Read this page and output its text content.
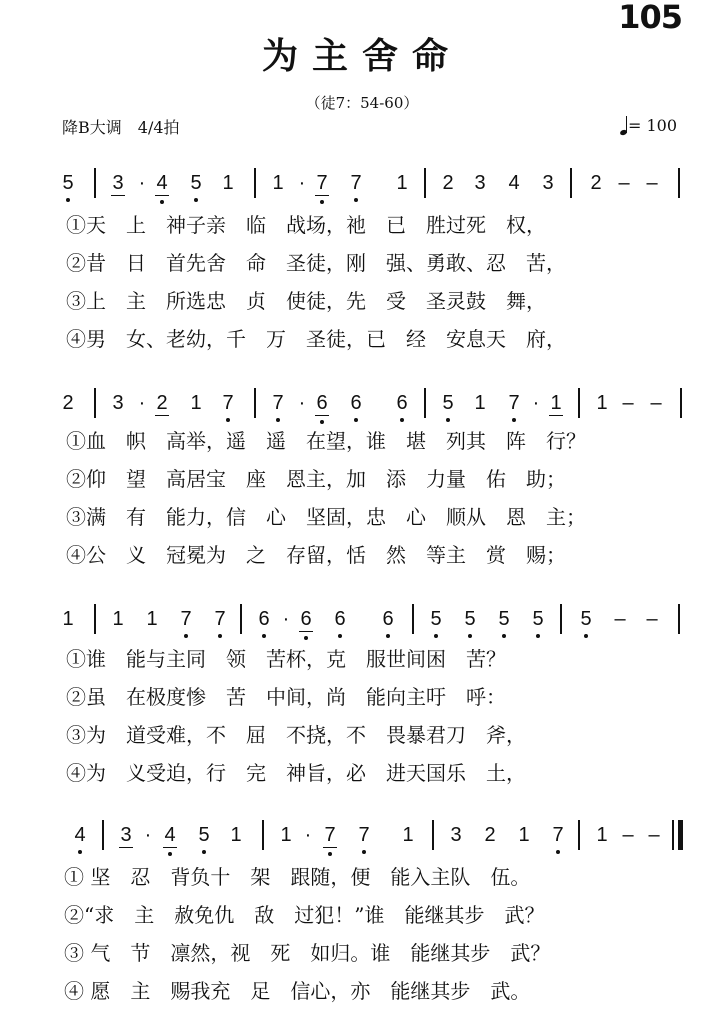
105
为主舍命
（徒7：54-60）
降B大调　4/4拍	= 100
5 3 · 4 5 1 1 · 7 7 1 2 3 4 3 2 – –
①天　上　神子亲　临　战场，祂　已　胜过死　权，
②昔　日　首先舍　命　圣徒，刚　强、勇敢、忍　苦，
③上　主　所选忠　贞　使徒，先　受　圣灵鼓　舞，
④男　女、老幼，千　万　圣徒，已　经　安息天　府，
2 3 · 2 1 7 7 · 6 6 6 5 1 7 · 1 1 – –
①血　帜　高举，遥　遥　在望，谁　堪　列其　阵　行？
②仰　望　高居宝　座　恩主，加　添　力量　佑　助；
③满　有　能力，信　心　坚固，忠　心　顺从　恩　主；
④公　义　冠冕为　之　存留，恬　然　等主　赏　赐；
1 1 1 7 7 6 · 6 6 6 5 5 5 5 5 – –
①谁　能与主同　领　苦杯，克　服世间困　苦？
②虽　在极度惨　苦　中间，尚　能向主吁　呼：
③为　道受难，不　屈　不挠，不　畏暴君刀　斧，
④为　义受迫，行　完　神旨，必　进天国乐　土，
4 3 · 4 5 1 1 · 7 7 1 3 2 1 7 1 – –
① 坚　忍　背负十　架　跟随，便　能入主队　伍。
②“求　主　赦免仇　敌　过犯！”谁　能继其步　武？
③ 气　节　凛然，视　死　如归。谁　能继其步　武？
④ 愿　主　赐我充　足　信心，亦　能继其步　武。
